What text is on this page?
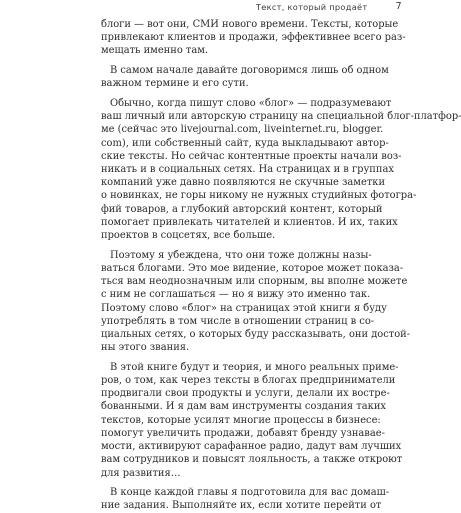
Текст, который продаёт	7
блоги — вот они, СМИ нового времени. Тексты, которые
привлекают клиентов и продажи, эффективнее всего раз-
мещать именно там.
В самом начале давайте договоримся лишь об одном
важном термине и его сути.
Обычно, когда пишут слово «блог» — подразумевают
ваш личный или авторскую страницу на специальной блог-платфор-
ме (сейчас это livejournal.com, liveinternet.ru, blogger.
com), или собственный сайт, куда выкладывают автор-
ские тексты. Но сейчас контентные проекты начали воз-
никать и в социальных сетях. На страницах и в группах
компаний уже давно появляются не скучные заметки
о новинках, не горы никому не нужных студийных фотогра-
фий товаров, а глубокий авторский контент, который
помогает привлекать читателей и клиентов. И их, таких
проектов в соцсетях, все больше.
Поэтому я убеждена, что они тоже должны назы-
ваться блогами. Это мое видение, которое может показа-
ться вам неоднозначным или спорным, вы вполне можете
с ним не соглашаться — но я вижу это именно так.
Поэтому слово «блог» на страницах этой книги я буду
употреблять в том числе в отношении страниц в со-
циальных сетях, о которых буду рассказывать, они достой-
ны этого звания.
В этой книге будут и теория, и много реальных приме-
ров, о том, как через тексты в блогах предприниматели
продвигали свои продукты и услуги, делали их востре-
бованными. И я дам вам инструменты создания таких
текстов, которые усилят многие процессы в бизнесе:
помогут увеличить продажи, добавят бренду узнавае-
мости, активируют сарафанное радио, дадут вам лучших
вам сотрудников и повысят лояльность, а также откроют
для развития…
В конце каждой главы я подготовила для вас домаш-
ние задания. Выполняйте их, если хотите перейти от
